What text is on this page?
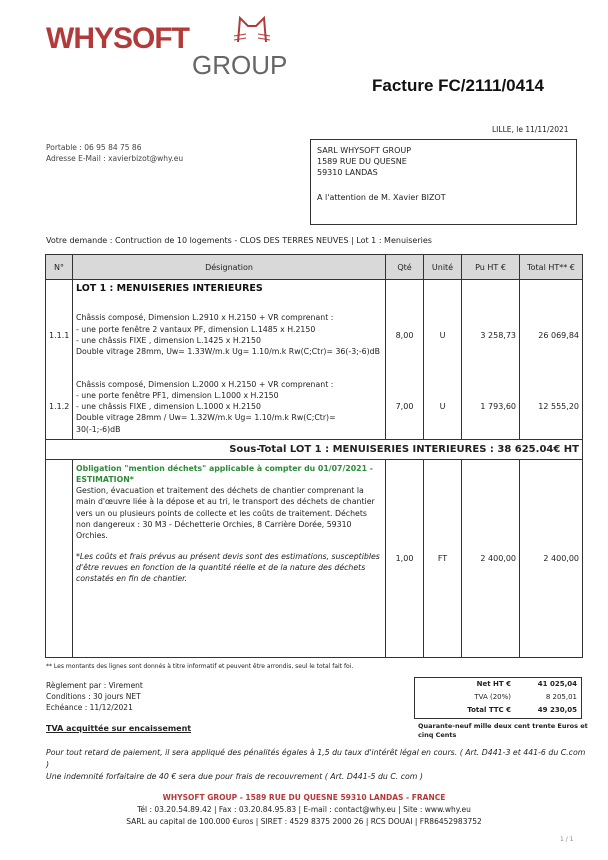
WHYSOFT
GROUP
Facture FC/2111/0414
LILLE, le 11/11/2021
Portable : 06 95 84 75 86
Adresse E-Mail : xavierbizot@why.eu
SARL WHYSOFT GROUP
1589 RUE DU QUESNE
59310 LANDAS
A l'attention de M. Xavier BIZOT
Votre demande : Contruction de 10 logements - CLOS DES TERRES NEUVES | Lot 1 : Menuiseries
N°	Désignation	Qté	Unité	Pu HT €	Total HT** €
	LOT 1 : MENUISERIES INTERIEURES				
1.1.1	Châssis composé, Dimension L.2910 x H.2150 + VR comprenant :
- une porte fenêtre 2 vantaux PF, dimension L.1485 x H.2150
- une châssis FIXE , dimension L.1425 x H.2150
Double vitrage 28mm, Uw= 1.33W/m.k Ug= 1.10/m.k Rw(C;Ctr)= 36(-3;-6)dB	8,00	U	3 258,73	26 069,84
1.1.2	Châssis composé, Dimension L.2000 x H.2150 + VR comprenant :
- une porte fenêtre PF1, dimension L.1000 x H.2150
- une châssis FIXE , dimension L.1000 x H.2150
Double vitrage 28mm / Uw= 1.32W/m.k Ug= 1.10/m.k Rw(C;Ctr)= 30(-1;-6)dB	7,00	U	1 793,60	12 555,20
Sous-Total LOT 1 : MENUISERIES INTERIEURES : 38 625.04€ HT					

	Obligation "mention déchets" applicable à compter du 01/07/2021 - ESTIMATION*
Gestion, évacuation et traitement des déchets de chantier comprenant la main d'œuvre liée à la dépose et au tri, le transport des déchets de chantier vers un ou plusieurs points de collecte et les coûts de traitement. Déchets non dangereux : 30 M3 - Déchetterie Orchies, 8 Carrière Dorée, 59310 Orchies.
*Les coûts et frais prévus au présent devis sont des estimations, susceptibles d'être revues en fonction de la quantité réelle et de la nature des déchets constatés en fin de chantier.	1,00	FT	2 400,00	2 400,00
** Les montants des lignes sont donnés à titre informatif et peuvent être arrondis, seul le total fait foi.
Règlement par : Virement
Conditions : 30 jours NET
Echéance : 11/12/2021
Net HT €	41 025,04
TVA (20%)	8 205,01
Total TTC €	49 230,05
Quarante-neuf mille deux cent trente Euros et cinq Cents
TVA acquittée sur encaissement
Pour tout retard de paiement, il sera appliqué des pénalités égales à 1,5 du taux d'intérêt légal en cours. ( Art. D441-3 et 441-6 du C.com )
Une indemnité forfaitaire de 40 € sera due pour frais de recouvrement ( Art. D441-5 du C. com )
WHYSOFT GROUP - 1589 RUE DU QUESNE 59310 LANDAS - FRANCE
Tél : 03.20.54.89.42 | Fax : 03.20.84.95.83 | E-mail : contact@why.eu | Site : www.why.eu
SARL au capital de 100.000 €uros | SIRET : 4529 8375 2000 26 | RCS DOUAI | FR86452983752
1 / 1
